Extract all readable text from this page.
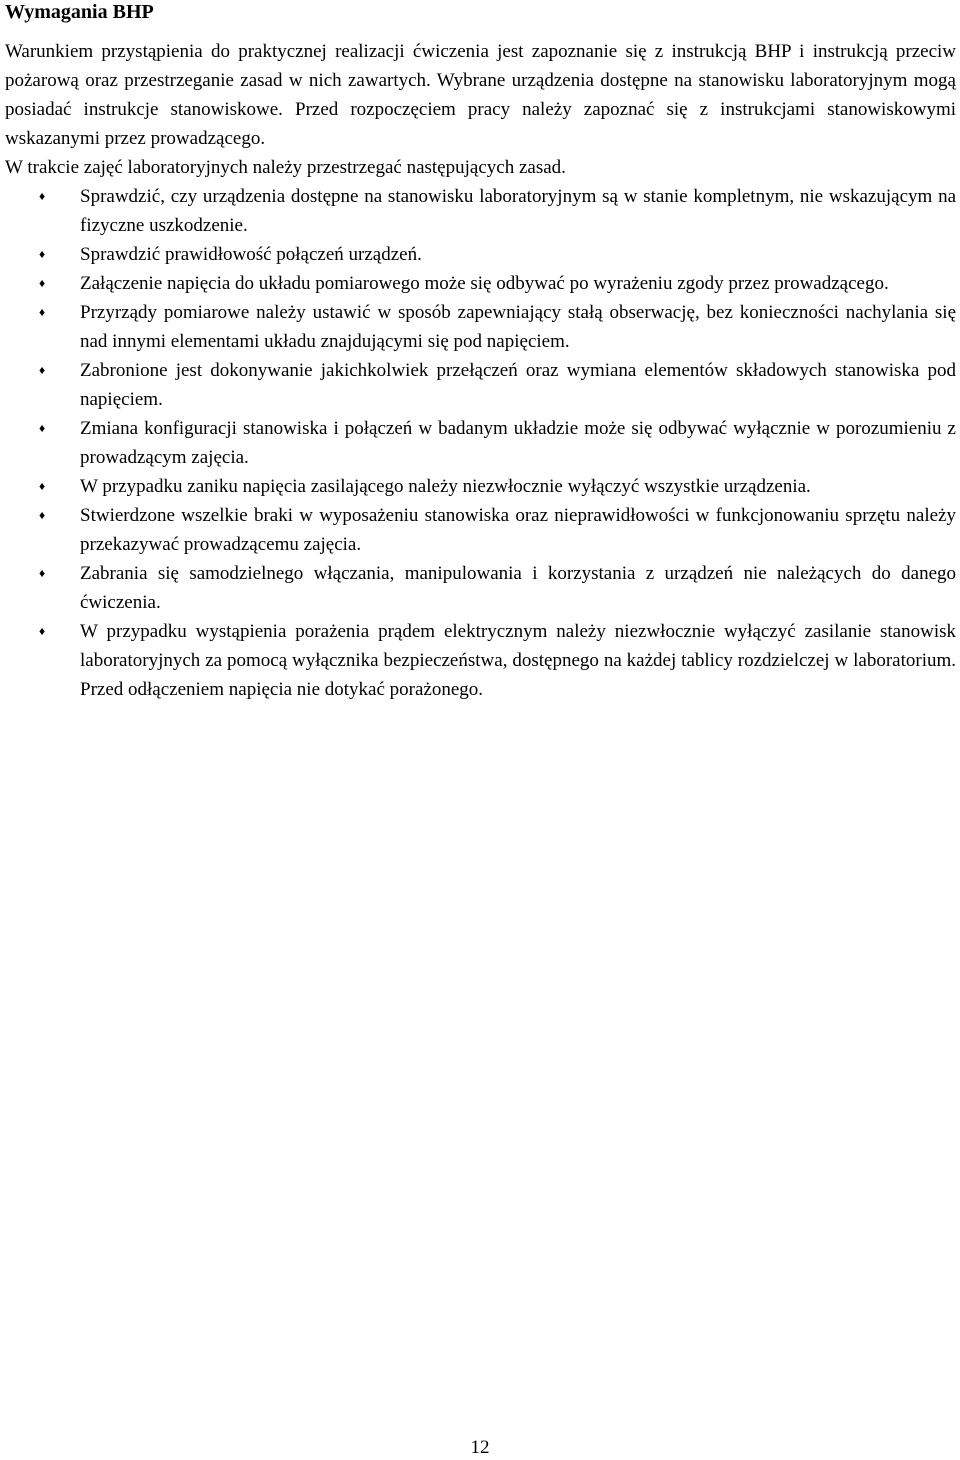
Wymagania BHP

Warunkiem przystąpienia do praktycznej realizacji ćwiczenia jest zapoznanie się z instrukcją BHP i instrukcją przeciw pożarową oraz przestrzeganie zasad w nich zawartych. Wybrane urządzenia dostępne na stanowisku laboratoryjnym mogą posiadać instrukcje stanowiskowe. Przed rozpoczęciem pracy należy zapoznać się z instrukcjami stanowiskowymi wskazanymi przez prowadzącego.

W trakcie zajęć laboratoryjnych należy przestrzegać następujących zasad.

♦ Sprawdzić, czy urządzenia dostępne na stanowisku laboratoryjnym są w stanie kompletnym, nie wskazującym na fizyczne uszkodzenie.
♦ Sprawdzić prawidłowość połączeń urządzeń.
♦ Załączenie napięcia do układu pomiarowego może się odbywać po wyrażeniu zgody przez prowadzącego.
♦ Przyrządy pomiarowe należy ustawić w sposób zapewniający stałą obserwację, bez konieczności nachylania się nad innymi elementami układu znajdującymi się pod napięciem.
♦ Zabronione jest dokonywanie jakichkolwiek przełączeń oraz wymiana elementów składowych stanowiska pod napięciem.
♦ Zmiana konfiguracji stanowiska i połączeń w badanym układzie może się odbywać wyłącznie w porozumieniu z prowadzącym zajęcia.
♦ W przypadku zaniku napięcia zasilającego należy niezwłocznie wyłączyć wszystkie urządzenia.
♦ Stwierdzone wszelkie braki w wyposażeniu stanowiska oraz nieprawidłowości w funkcjonowaniu sprzętu należy przekazywać prowadzącemu zajęcia.
♦ Zabrania się samodzielnego włączania, manipulowania i korzystania z urządzeń nie należących do danego ćwiczenia.
♦ W przypadku wystąpienia porażenia prądem elektrycznym należy niezwłocznie wyłączyć zasilanie stanowisk laboratoryjnych za pomocą wyłącznika bezpieczeństwa, dostępnego na każdej tablicy rozdzielczej w laboratorium. Przed odłączeniem napięcia nie dotykać porażonego.
12
